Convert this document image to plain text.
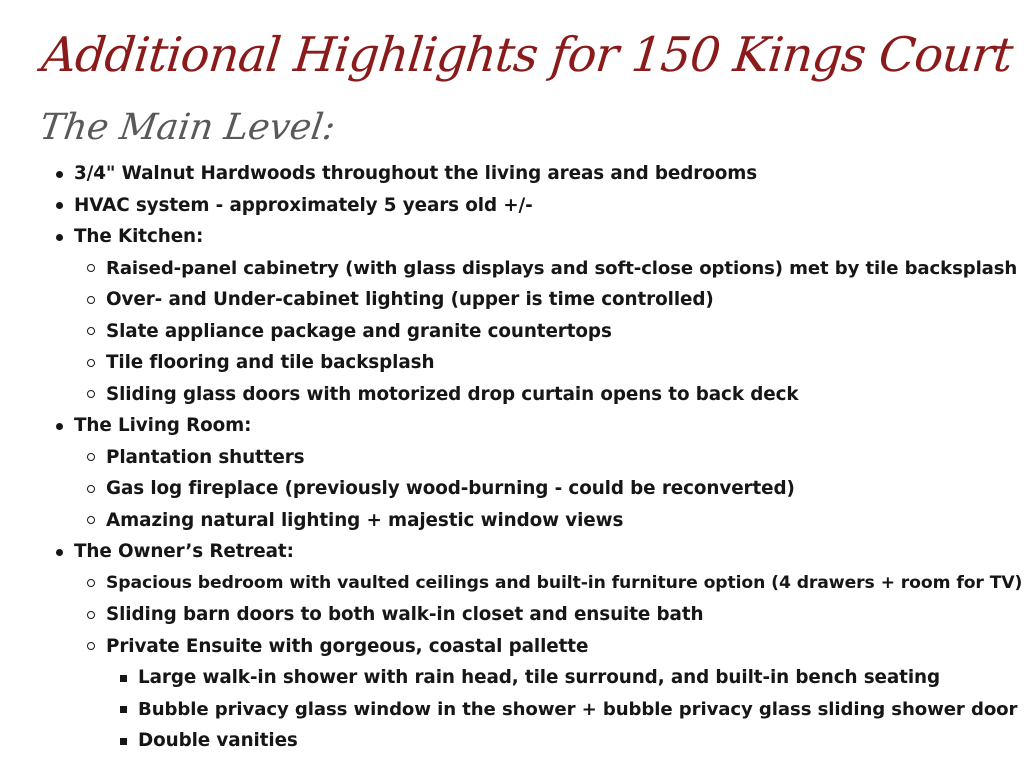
Additional Highlights for 150 Kings Court
The Main Level:
3/4" Walnut Hardwoods throughout the living areas and bedrooms
HVAC system - approximately 5 years old +/-
The Kitchen:
Raised-panel cabinetry (with glass displays and soft-close options) met by tile backsplash
Over- and Under-cabinet lighting (upper is time controlled)
Slate appliance package and granite countertops
Tile flooring and tile backsplash
Sliding glass doors with motorized drop curtain opens to back deck
The Living Room:
Plantation shutters
Gas log fireplace (previously wood-burning - could be reconverted)
Amazing natural lighting + majestic window views
The Owner’s Retreat:
Spacious bedroom with vaulted ceilings and built-in furniture option (4 drawers + room for TV)
Sliding barn doors to both walk-in closet and ensuite bath
Private Ensuite with gorgeous, coastal pallette
Large walk-in shower with rain head, tile surround, and built-in bench seating
Bubble privacy glass window in the shower + bubble privacy glass sliding shower door
Double vanities
